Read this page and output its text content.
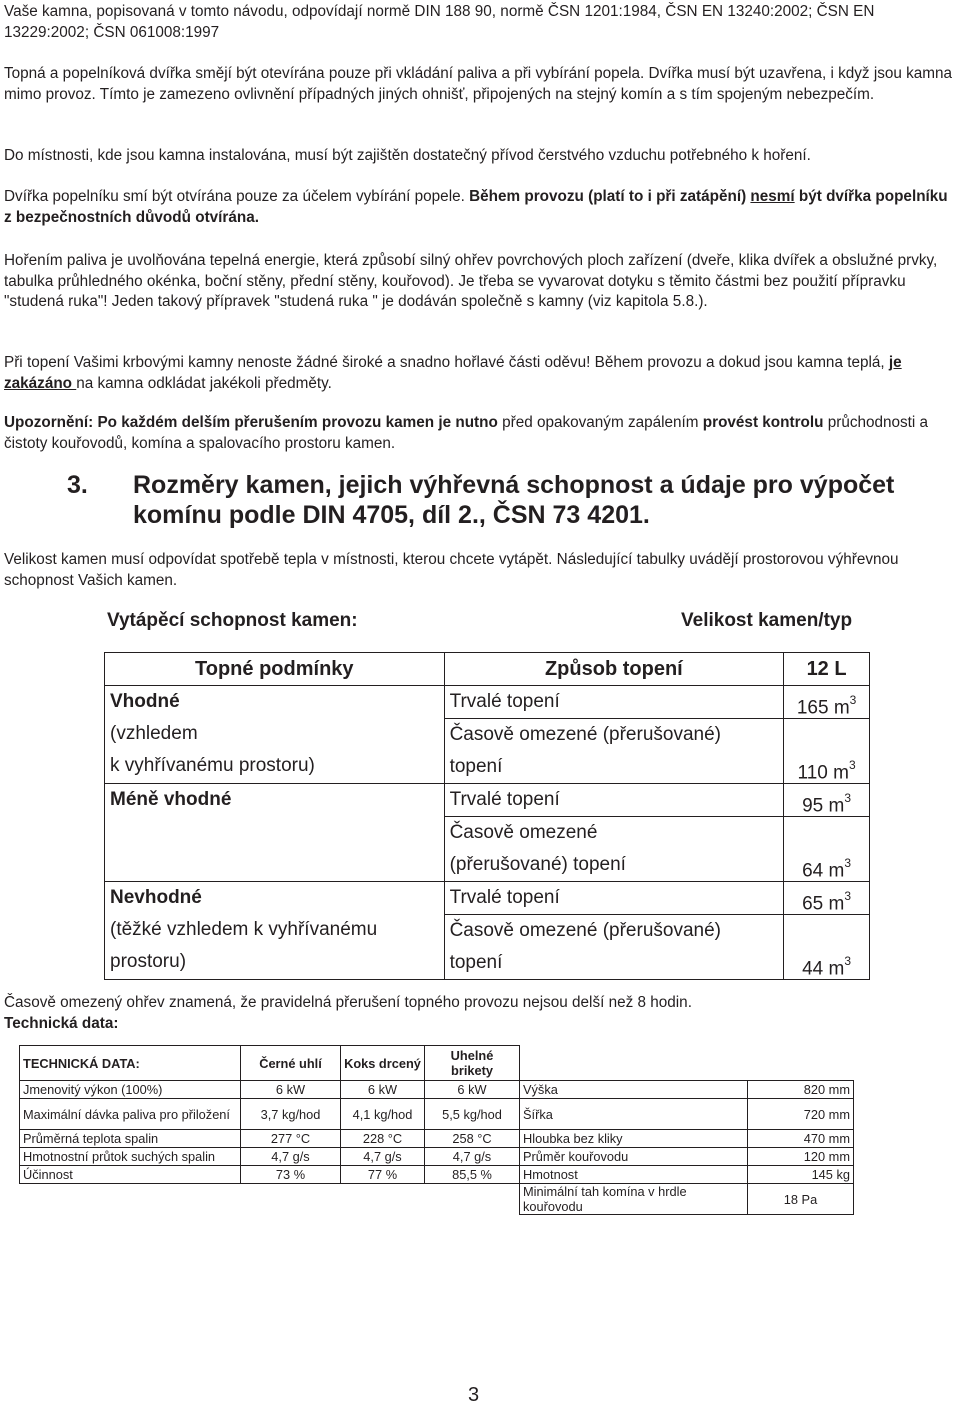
Vaše kamna, popisovaná v tomto návodu, odpovídají normě DIN 188 90, normě ČSN 1201:1984, ČSN EN 13240:2002; ČSN EN 13229:2002; ČSN 061008:1997

Topná a popelníková dvířka smějí být otevírána pouze při vkládání paliva a při vybírání popela. Dvířka musí být uzavřena, i když jsou kamna mimo provoz. Tímto je zamezeno ovlivnění případných jiných ohnišť, připojených na stejný komín a s tím spojeným nebezpečím.

Do místnosti, kde jsou kamna instalována, musí být zajištěn dostatečný přívod čerstvého vzduchu potřebného k hoření.

Dvířka popelníku smí být otvírána pouze za účelem vybírání popele. Během provozu (platí to i při zatápění) nesmí být dvířka popelníku z bezpečnostních důvodů otvírána.

Hořením paliva je uvolňována tepelná energie, která způsobí silný ohřev povrchových ploch zařízení (dveře, klika dvířek a obslužné prvky, tabulka průhledného okénka, boční stěny, přední stěny, kouřovod). Je třeba se vyvarovat dotyku s těmito částmi bez použití přípravku "studená ruka"! Jeden takový přípravek "studená ruka " je dodáván společně s kamny (viz kapitola 5.8.).

Při topení Vašimi krbovými kamny nenoste žádné široké a snadno hořlavé části oděvu! Během provozu a dokud jsou kamna teplá, je zakázáno na kamna odkládat jakékoli předměty.

Upozornění: Po každém delším přerušením provozu kamen je nutno před opakovaným zapálením provést kontrolu průchodnosti a čistoty kouřovodů, komína a spalovacího prostoru kamen.

3. Rozměry kamen, jejich výhřevná schopnost a údaje pro výpočet komínu podle DIN 4705, díl 2., ČSN 73 4201.

Velikost kamen musí odpovídat spotřebě tepla v místnosti, kterou chcete vytápět. Následující tabulky uvádějí prostorovou výhřevnou schopnost Vašich kamen.

Vytápěcí schopnost kamen:	Velikost kamen/typ
Topné podmínky	Způsob topení	12 L

Vhodné
(vzhledem
k vyhřívanému prostoru)	Trvalé topení	165 $m^3$

	Časově omezené (přerušované)
topení	110 $m^3$

Méně vhodné	Trvalé topení	95 $m^3$

	Časově omezené
(přerušované) topení	64 $m^3$

Nevhodné
(těžké vzhledem k vyhřívanému
prostoru)	Trvalé topení	65 $m^3$

	Časově omezené (přerušované)
topení	44 $m^3$

Časově omezený ohřev znamená, že pravidelná přerušení topného provozu nejsou delší než 8 hodin.

Technická data:

TECHNICKÁ DATA:	Černé uhlí	Koks drcený	Uhelné brikety		
Jmenovitý výkon (100%)	6 kW	6 kW	6 kW	Výška	820 mm
Maximální dávka paliva pro přiložení	3,7 kg/hod	4,1 kg/hod	5,5 kg/hod	Šířka	720 mm
Průměrná teplota spalin	277 °C	228 °C	258 °C	Hloubka bez kliky	470 mm
Hmotnostní průtok suchých spalin	4,7 g/s	4,7 g/s	4,7 g/s	Průměr kouřovodu	120 mm
Účinnost	73 %	77 %	85,5 %	Hmotnost	145 kg
				Minimální tah komína v hrdle kouřovodu	18 Pa
3
